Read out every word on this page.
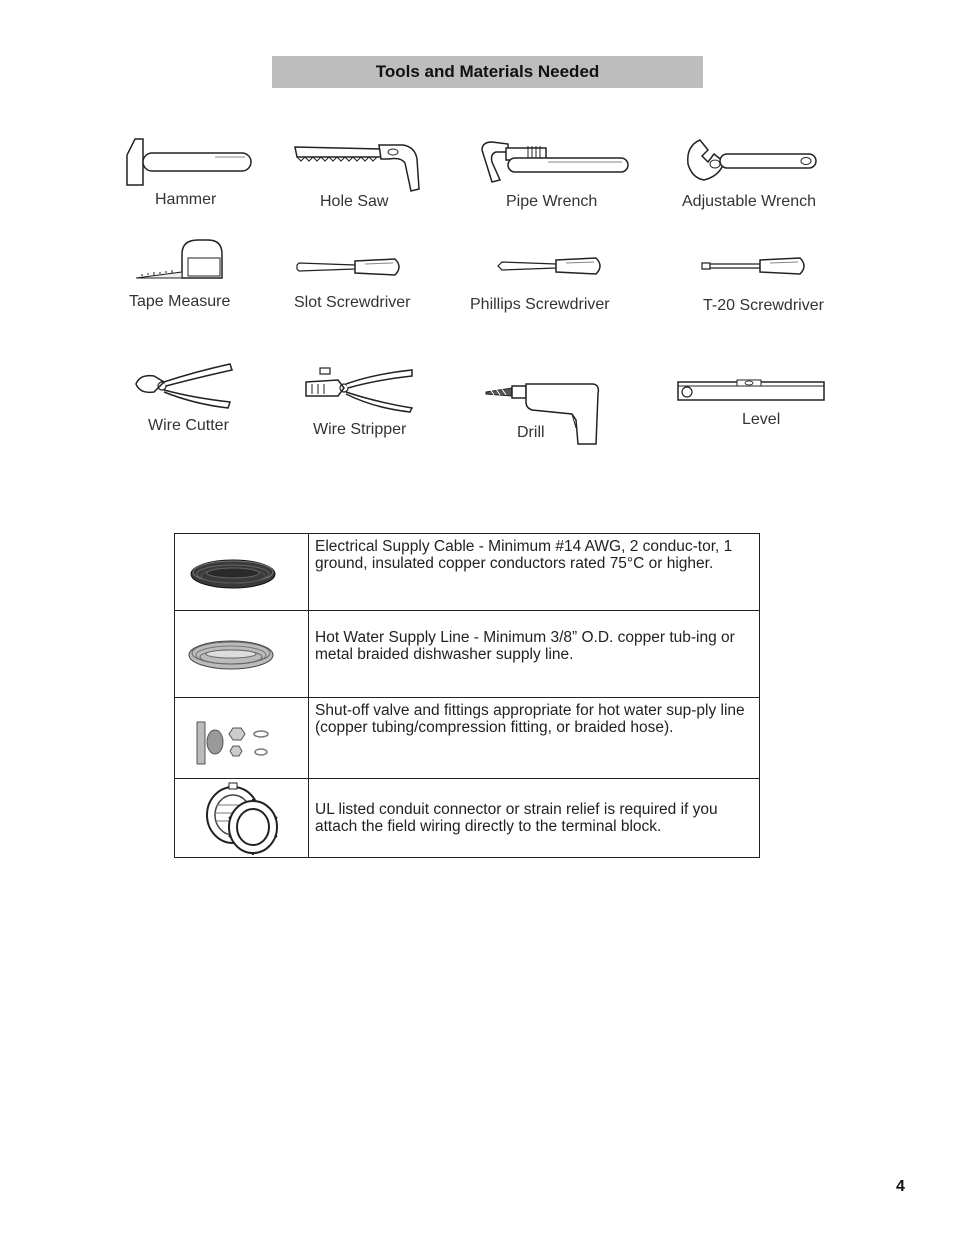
Tools and Materials Needed
Hammer	Hole Saw	Pipe Wrench	Adjustable Wrench
Tape Measure	Slot Screwdriver	Phillips Screwdriver	T-20 Screwdriver
Wire Cutter	Wire Stripper	Drill
Level
	Electrical Supply Cable - Minimum #14 AWG, 2 conduc-tor, 1 ground, insulated copper conductors rated 75°C or higher.

	Hot Water Supply Line - Minimum 3/8” O.D. copper tub-ing or metal braided dishwasher supply line.

	Shut-off valve and fittings appropriate for hot water sup-ply line (copper tubing/compression fitting, or braided hose).

	UL listed conduit connector or strain relief is required if you attach the field wiring directly to the terminal block.
4
